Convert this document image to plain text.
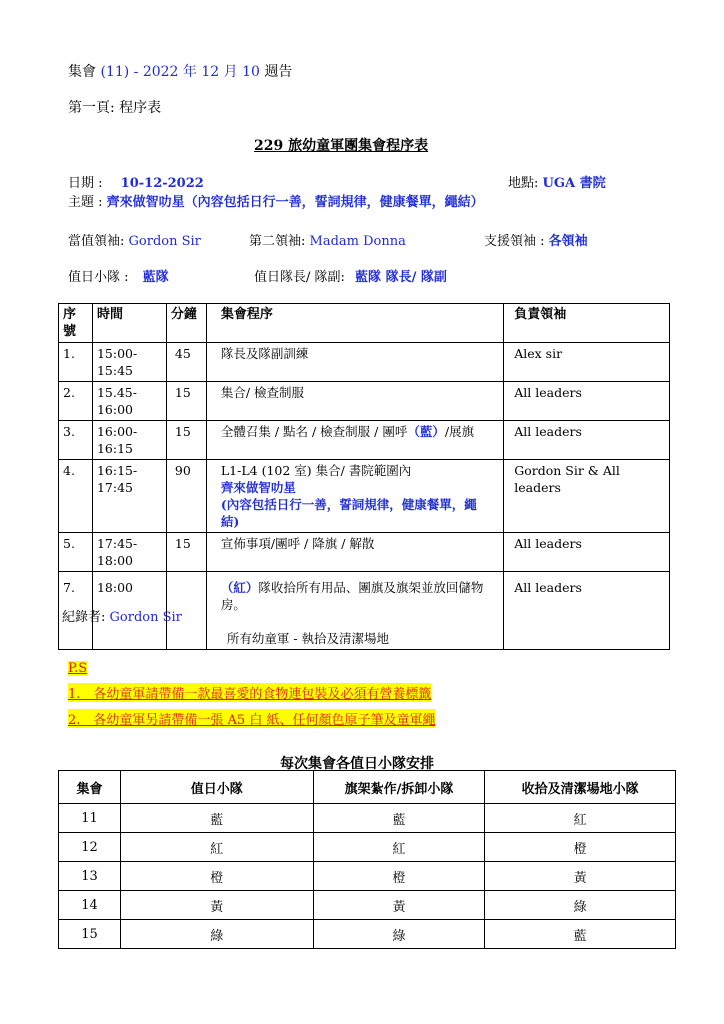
集會 (11) - 2022 年 12 月 10 週告
第一頁: 程序表
229 旅幼童軍團集會程序表
日期 : 10-12-2022	地點: UGA 書院
主題 : 齊來做智叻星（內容包括日行一善，誓詞規律，健康餐單，繩結）
當值領袖: Gordon Sir	第二領袖: Madam Donna	支援領袖 : 各領袖
值日小隊 : 藍隊	值日隊長/ 隊副: 藍隊 隊長/ 隊副
序號	時間	分鐘	集會程序	負責領袖
1.	15:00-15:45	45	隊長及隊副訓練	Alex sir
2.	15.45-16:00	15	集合/ 檢查制服	All leaders
3.	16:00-16:15	15	全體召集 / 點名 / 檢查制服 / 團呼（藍）/展旗	All leaders
4.	16:15-17:45	90	L1-L4 (102 室) 集合/ 書院範圍內
齊來做智叻星
(內容包括日行一善，誓詞規律，健康餐單，繩 結)	Gordon Sir & All leaders
5.	17:45-18:00	15	宣佈事項/團呼 / 降旗 / 解散	All leaders
7.	18:00		（紅）隊收拾所有用品、團旗及旗架並放回儲物房。
所有幼童軍 - 執拾及清潔場地	All leaders
紀錄者: Gordon Sir
P.S
1.　各幼童軍請帶備一款最喜愛的食物連包裝及必須有營養標籤
2.　各幼童軍另請帶備一張 A5 白 紙、任何顏色原子筆及童軍繩
每次集會各值日小隊安排
集會	值日小隊	旗架紮作/拆卸小隊	收拾及清潔場地小隊
11	藍	藍	紅
12	紅	紅	橙
13	橙	橙	黃
14	黃	黃	綠
15	綠	綠	藍
